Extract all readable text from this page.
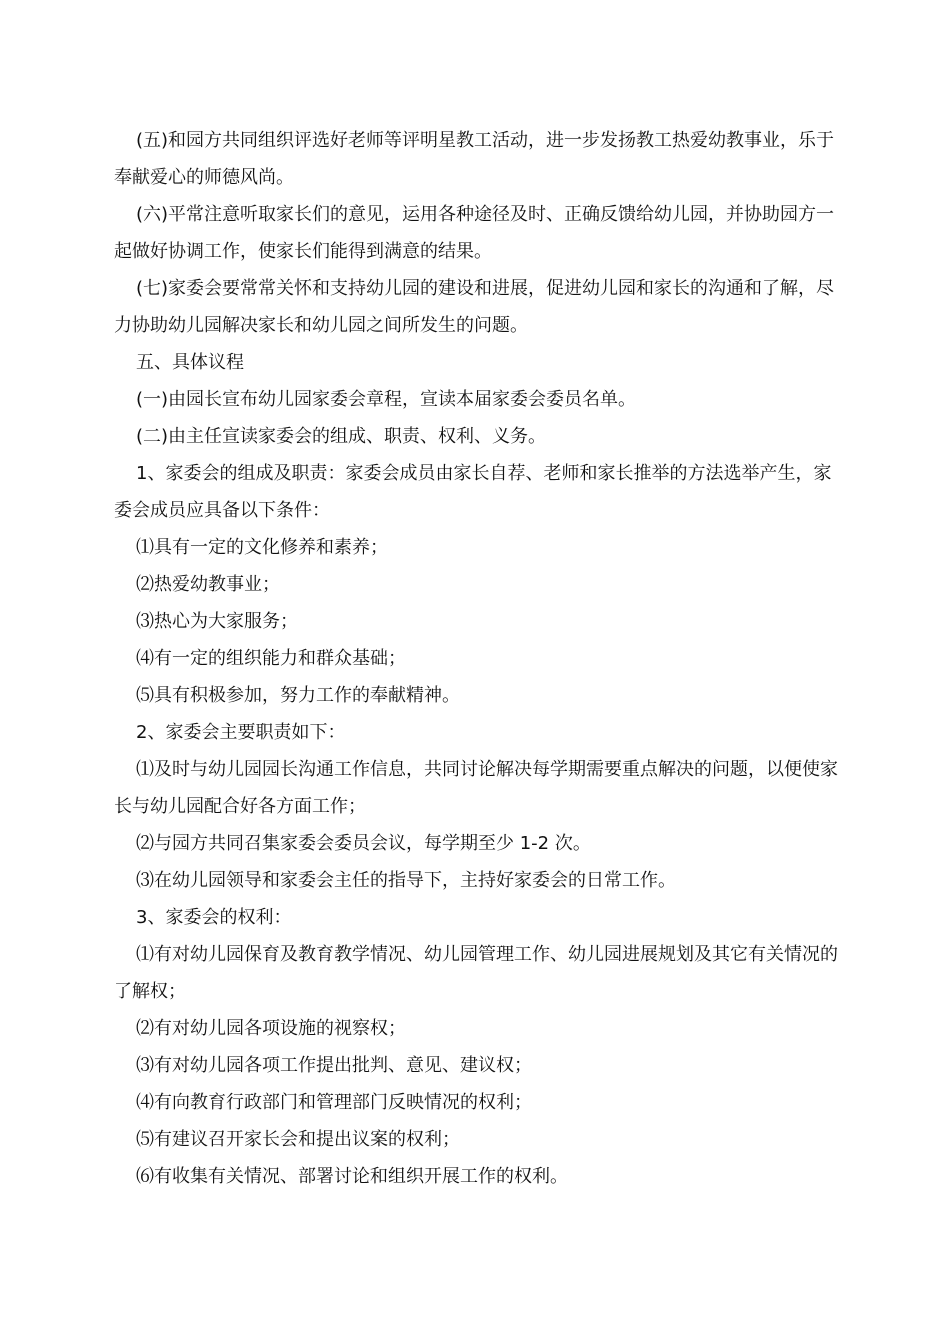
(五)和园方共同组织评选好老师等评明星教工活动，进一步发扬教工热爱幼教事业，乐于奉献爱心的师德风尚。

(六)平常注意听取家长们的意见，运用各种途径及时、正确反馈给幼儿园，并协助园方一起做好协调工作，使家长们能得到满意的结果。

(七)家委会要常常关怀和支持幼儿园的建设和进展，促进幼儿园和家长的沟通和了解，尽力协助幼儿园解决家长和幼儿园之间所发生的问题。

五、具体议程

(一)由园长宣布幼儿园家委会章程，宣读本届家委会委员名单。

(二)由主任宣读家委会的组成、职责、权利、义务。

1、家委会的组成及职责：家委会成员由家长自荐、老师和家长推举的方法选举产生，家委会成员应具备以下条件：

⑴具有一定的文化修养和素养；

⑵热爱幼教事业；

⑶热心为大家服务；

⑷有一定的组织能力和群众基础；

⑸具有积极参加，努力工作的奉献精神。

2、家委会主要职责如下：

⑴及时与幼儿园园长沟通工作信息，共同讨论解决每学期需要重点解决的问题，以便使家长与幼儿园配合好各方面工作；

⑵与园方共同召集家委会委员会议，每学期至少 1-2 次。

⑶在幼儿园领导和家委会主任的指导下，主持好家委会的日常工作。

3、家委会的权利：

⑴有对幼儿园保育及教育教学情况、幼儿园管理工作、幼儿园进展规划及其它有关情况的了解权；

⑵有对幼儿园各项设施的视察权；

⑶有对幼儿园各项工作提出批判、意见、建议权；

⑷有向教育行政部门和管理部门反映情况的权利；

⑸有建议召开家长会和提出议案的权利；

⑹有收集有关情况、部署讨论和组织开展工作的权利。
